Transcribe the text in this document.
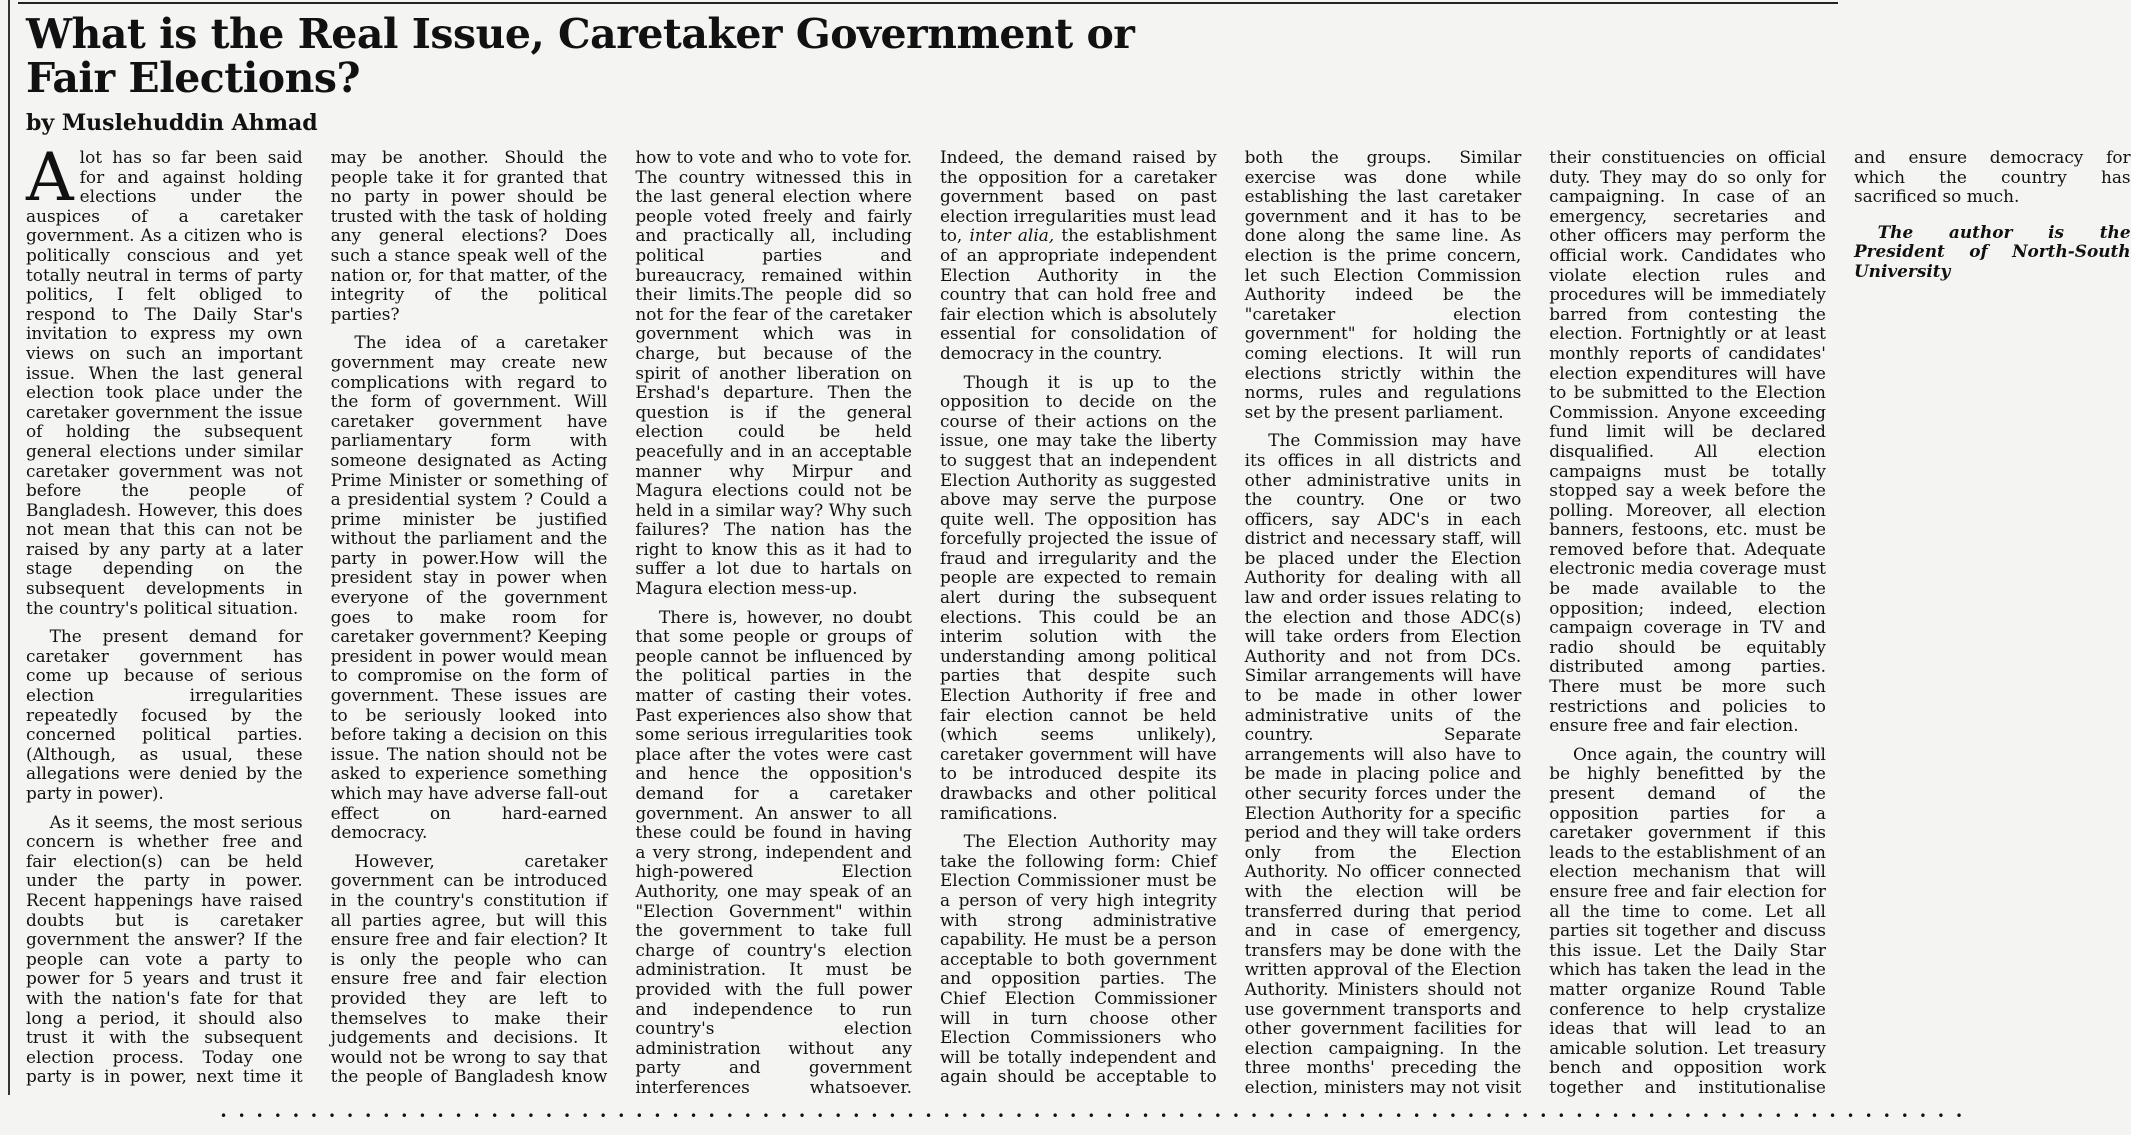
What is the Real Issue, Caretaker Government or Fair Elections?
by Muslehuddin Ahmad

Alot has so far been said for and against holding elections under the auspices of a caretaker government. As a citizen who is politically conscious and yet totally neutral in terms of party politics, I felt obliged to respond to The Daily Star's invitation to express my own views on such an important issue. When the last general election took place under the caretaker government the issue of holding the subsequent general elections under similar caretaker government was not before the people of Bangladesh. However, this does not mean that this can not be raised by any party at a later stage depending on the subsequent developments in the country's political situation.

The present demand for caretaker government has come up because of serious election irregularities repeatedly focused by the concerned political parties. (Although, as usual, these allegations were denied by the party in power).

As it seems, the most serious concern is whether free and fair election(s) can be held under the party in power. Recent happenings have raised doubts but is caretaker government the answer? If the people can vote a party to power for 5 years and trust it with the nation's fate for that long a period, it should also trust it with the subsequent election process. Today one party is in power, next time it may be another. Should the people take it for granted that no party in power should be trusted with the task of holding any general elections? Does such a stance speak well of the nation or, for that matter, of the integrity of the political parties?

The idea of a caretaker government may create new complications with regard to the form of government. Will caretaker government have parliamentary form with someone designated as Acting Prime Minister or something of a presidential system ? Could a prime minister be justified without the parliament and the party in power.How will the president stay in power when everyone of the government goes to make room for caretaker government? Keeping president in power would mean to compromise on the form of government. These issues are to be seriously looked into before taking a decision on this issue. The nation should not be asked to experience something which may have adverse fall-out effect on hard-earned democracy.

However, caretaker government can be introduced in the country's constitution if all parties agree, but will this ensure free and fair election? It is only the people who can ensure free and fair election provided they are left to themselves to make their judgements and decisions. It would not be wrong to say that the people of Bangladesh know how to vote and who to vote for. The country witnessed this in the last general election where people voted freely and fairly and practically all, including political parties and bureaucracy, remained within their limits.The people did so not for the fear of the caretaker government which was in charge, but because of the spirit of another liberation on Ershad's departure. Then the question is if the general election could be held peacefully and in an acceptable manner why Mirpur and Magura elections could not be held in a similar way? Why such failures? The nation has the right to know this as it had to suffer a lot due to hartals on Magura election mess-up.

There is, however, no doubt that some people or groups of people cannot be influenced by the political parties in the matter of casting their votes. Past experiences also show that some serious irregularities took place after the votes were cast and hence the opposition's demand for a caretaker government. An answer to all these could be found in having a very strong, independent and high-powered Election Authority, one may speak of an "Election Government" within the government to take full charge of country's election administration. It must be provided with the full power and independence to run country's election administration without any party and government interferences whatsoever. Indeed, the demand raised by the opposition for a caretaker government based on past election irregularities must lead to, inter alia, the establishment of an appropriate independent Election Authority in the country that can hold free and fair election which is absolutely essential for consolidation of democracy in the country.

Though it is up to the opposition to decide on the course of their actions on the issue, one may take the liberty to suggest that an independent Election Authority as suggested above may serve the purpose quite well. The opposition has forcefully projected the issue of fraud and irregularity and the people are expected to remain alert during the subsequent elections. This could be an interim solution with the understanding among political parties that despite such Election Authority if free and fair election cannot be held (which seems unlikely), caretaker government will have to be introduced despite its drawbacks and other political ramifications.

The Election Authority may take the following form: Chief Election Commissioner must be a person of very high integrity with strong administrative capability. He must be a person acceptable to both government and opposition parties. The Chief Election Commissioner will in turn choose other Election Commissioners who will be totally independent and again should be acceptable to both the groups. Similar exercise was done while establishing the last caretaker government and it has to be done along the same line. As election is the prime concern, let such Election Commission Authority indeed be the "caretaker election government" for holding the coming elections. It will run elections strictly within the norms, rules and regulations set by the present parliament.

The Commission may have its offices in all districts and other administrative units in the country. One or two officers, say ADC's in each district and necessary staff, will be placed under the Election Authority for dealing with all law and order issues relating to the election and those ADC(s) will take orders from Election Authority and not from DCs. Similar arrangements will have to be made in other lower administrative units of the country. Separate arrangements will also have to be made in placing police and other security forces under the Election Authority for a specific period and they will take orders only from the Election Authority. No officer connected with the election will be transferred during that period and in case of emergency, transfers may be done with the written approval of the Election Authority. Ministers should not use government transports and other government facilities for election campaigning. In the three months' preceding the election, ministers may not visit their constituencies on official duty. They may do so only for campaigning. In case of an emergency, secretaries and other officers may perform the official work. Candidates who violate election rules and procedures will be immediately barred from contesting the election. Fortnightly or at least monthly reports of candidates' election expenditures will have to be submitted to the Election Commission. Anyone exceeding fund limit will be declared disqualified. All election campaigns must be totally stopped say a week before the polling. Moreover, all election banners, festoons, etc. must be removed before that. Adequate electronic media coverage must be made available to the opposition; indeed, election campaign coverage in TV and radio should be equitably distributed among parties. There must be more such restrictions and policies to ensure free and fair election.

Once again, the country will be highly benefitted by the present demand of the opposition parties for a caretaker government if this leads to the establishment of an election mechanism that will ensure free and fair election for all the time to come. Let all parties sit together and discuss this issue. Let the Daily Star which has taken the lead in the matter organize Round Table conference to help crystalize ideas that will lead to an amicable solution. Let treasury bench and opposition work together and institutionalise and ensure democracy for which the country has sacrificed so much.

The author is the President of North-South University

•••••••••••••••••••••••••••••••••••••••••••••••••••••••••••••••••••••••••••••••••••••••••••••••••
